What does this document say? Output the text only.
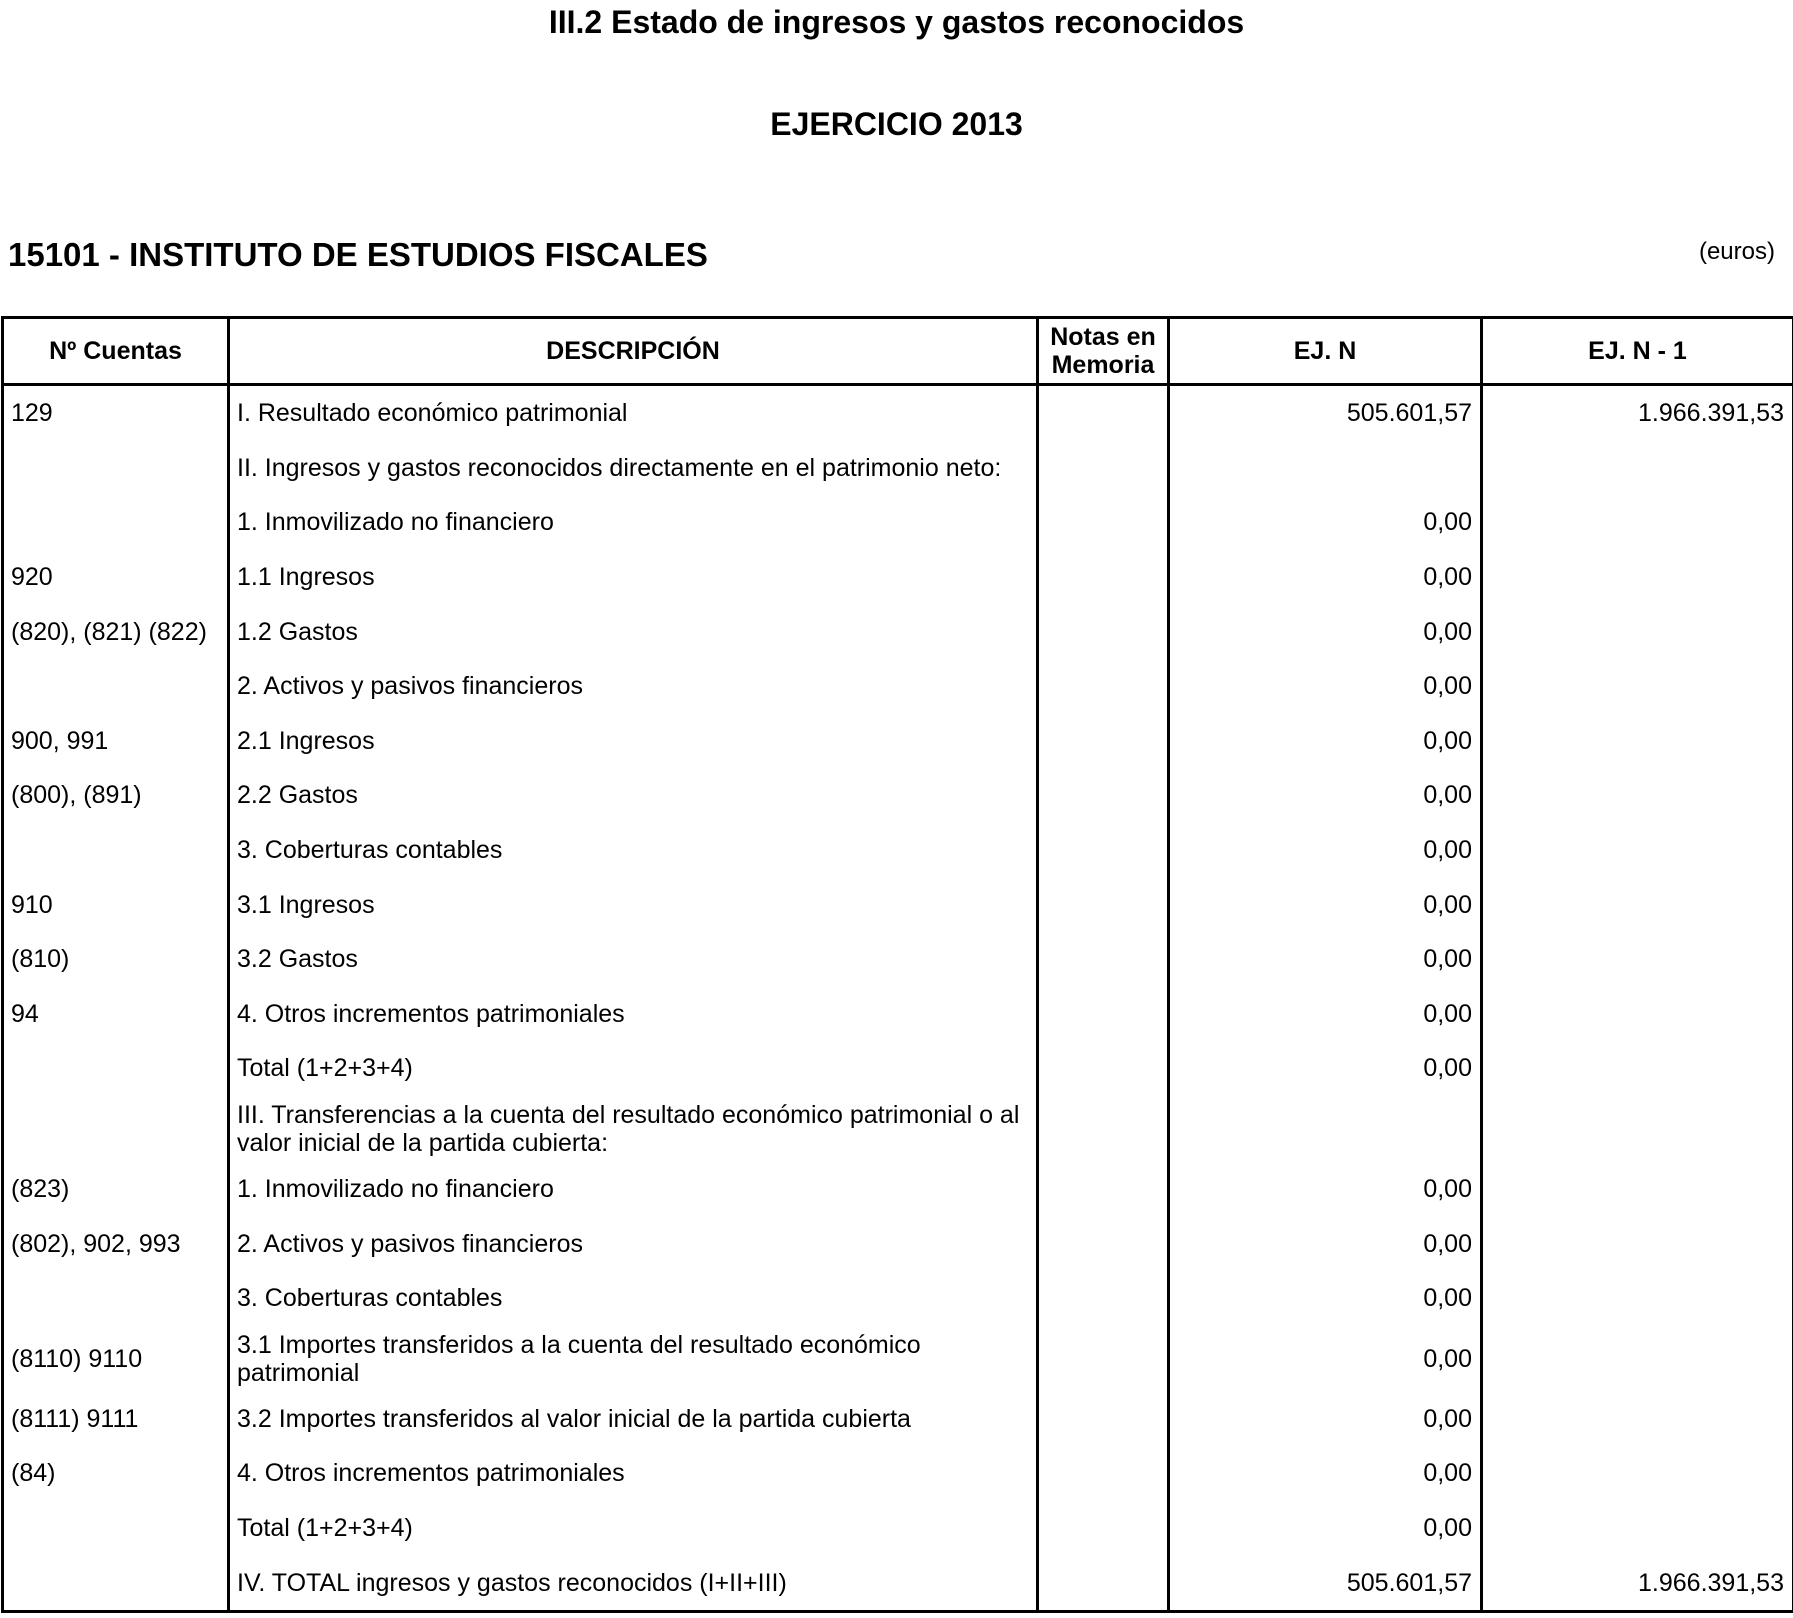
III.2 Estado de ingresos y gastos reconocidos
EJERCICIO 2013
15101 - INSTITUTO DE ESTUDIOS FISCALES	(euros)
Nº Cuentas	DESCRIPCIÓN	Notas en Memoria	EJ. N	EJ. N - 1
129	I. Resultado económico patrimonial		505.601,57	1.966.391,53
	II. Ingresos y gastos reconocidos directamente en el patrimonio neto:			
	1. Inmovilizado no financiero		0,00	
920	1.1 Ingresos		0,00	
(820), (821) (822)	1.2 Gastos		0,00	
	2. Activos y pasivos financieros		0,00	
900, 991	2.1 Ingresos		0,00	
(800), (891)	2.2 Gastos		0,00	
	3. Coberturas contables		0,00	
910	3.1 Ingresos		0,00	
(810)	3.2 Gastos		0,00	
94	4. Otros incrementos patrimoniales		0,00	
	Total (1+2+3+4)		0,00	
	III. Transferencias a la cuenta del resultado económico patrimonial o al valor inicial de la partida cubierta:			
(823)	1. Inmovilizado no financiero		0,00	
(802), 902, 993	2. Activos y pasivos financieros		0,00	
	3. Coberturas contables		0,00	
(8110) 9110	3.1 Importes transferidos a la cuenta del resultado económico patrimonial		0,00	
(8111) 9111	3.2 Importes transferidos al valor inicial de la partida cubierta		0,00	
(84)	4. Otros incrementos patrimoniales		0,00	
	Total (1+2+3+4)		0,00	
	IV. TOTAL ingresos y gastos reconocidos (I+II+III)		505.601,57	1.966.391,53
